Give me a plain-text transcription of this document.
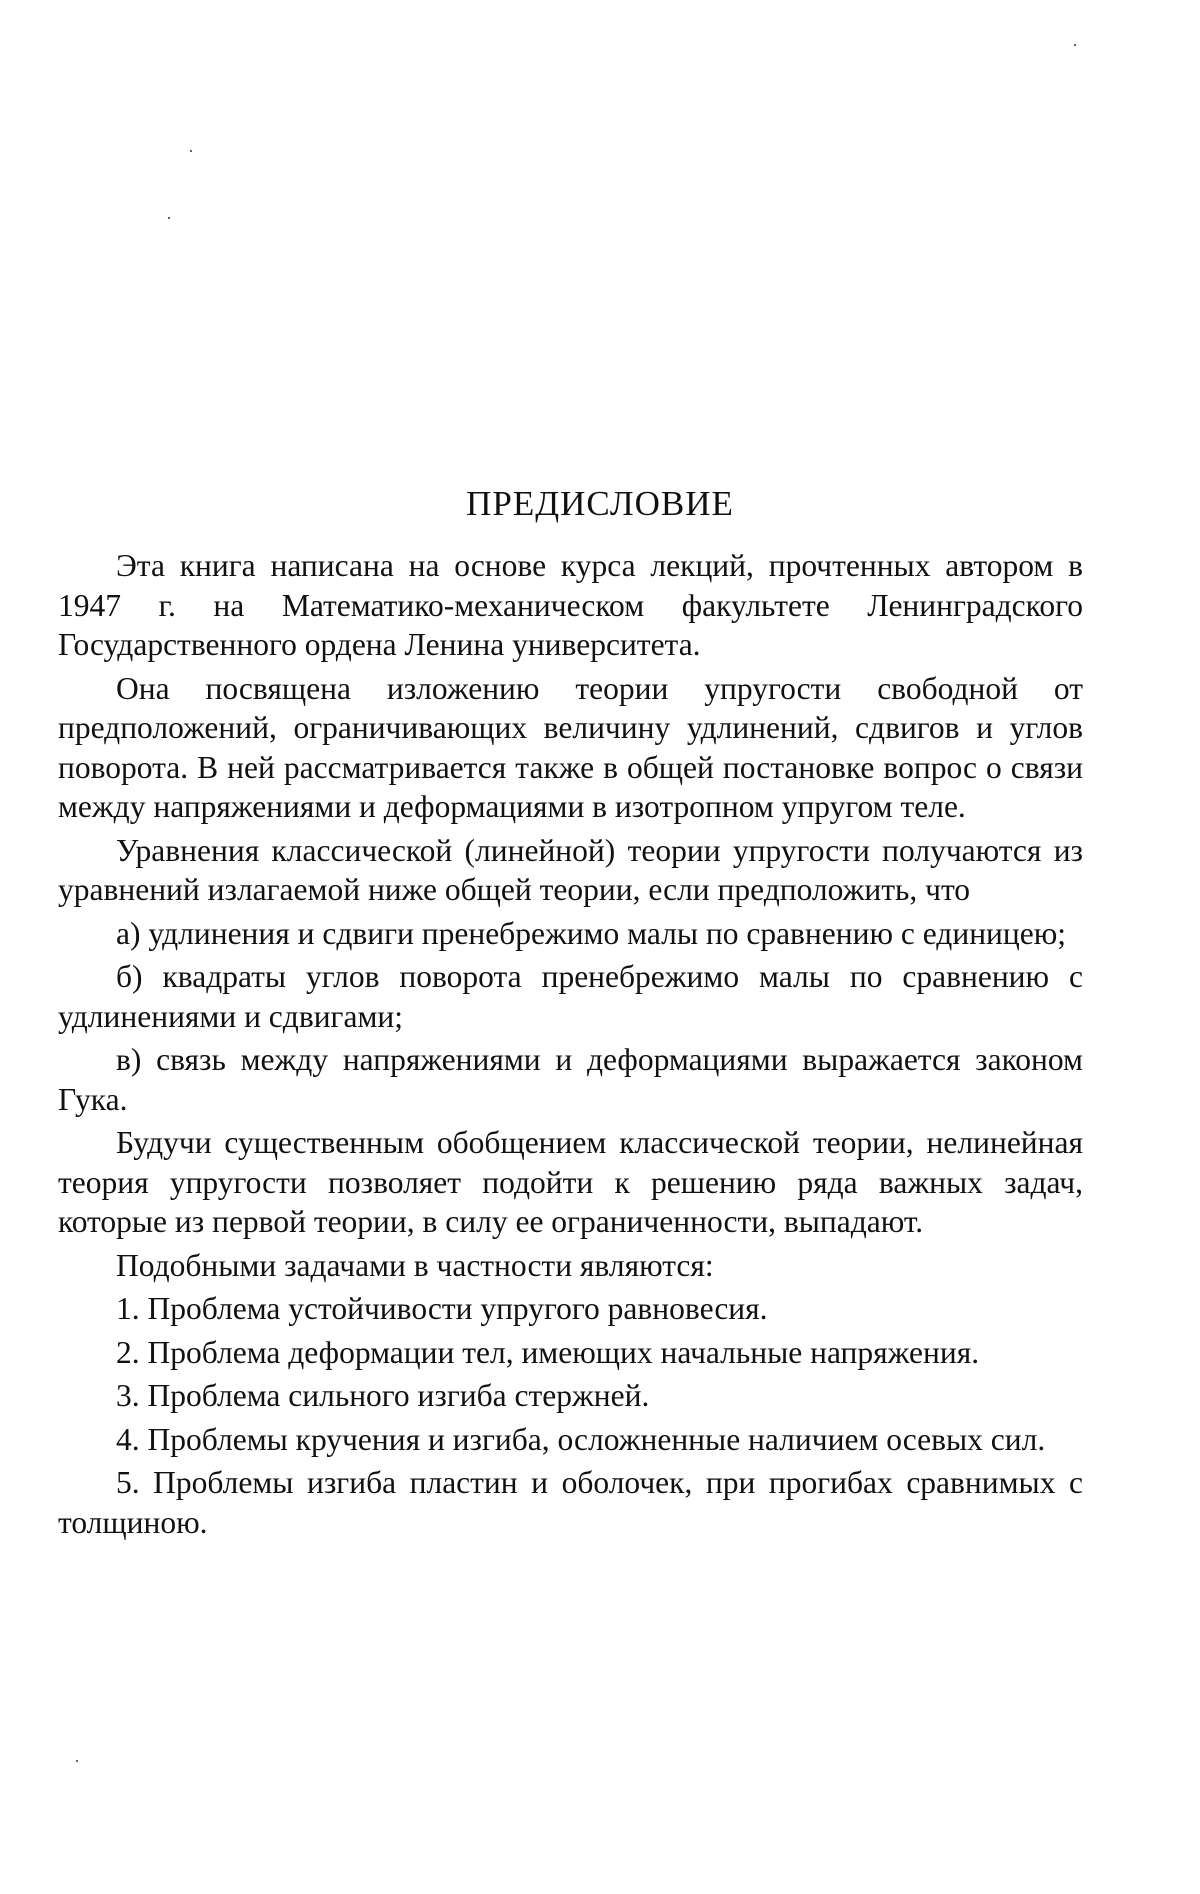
ПРЕДИСЛОВИЕ

Эта книга написана на основе курса лекций, прочтенных автором в 1947 г. на Математико-механическом факультете Ленинградского Государственного ордена Ленина университета.

Она посвящена изложению теории упругости свободной от предположений, ограничивающих величину удлинений, сдвигов и углов поворота. В ней рассматривается также в общей постановке вопрос о связи между напряжениями и деформациями в изотропном упругом теле.

Уравнения классической (линейной) теории упругости получаются из уравнений излагаемой ниже общей теории, если предположить, что

а) удлинения и сдвиги пренебрежимо малы по сравнению с единицею;

б) квадраты углов поворота пренебрежимо малы по сравнению с удлинениями и сдвигами;

в) связь между напряжениями и деформациями выражается законом Гука.

Будучи существенным обобщением классической теории, нелинейная теория упругости позволяет подойти к решению ряда важных задач, которые из первой теории, в силу ее ограниченности, выпадают.

Подобными задачами в частности являются:

1. Проблема устойчивости упругого равновесия.

2. Проблема деформации тел, имеющих начальные напряжения.

3. Проблема сильного изгиба стержней.

4. Проблемы кручения и изгиба, осложненные наличием осевых сил.

5. Проблемы изгиба пластин и оболочек, при прогибах сравнимых с толщиною.
